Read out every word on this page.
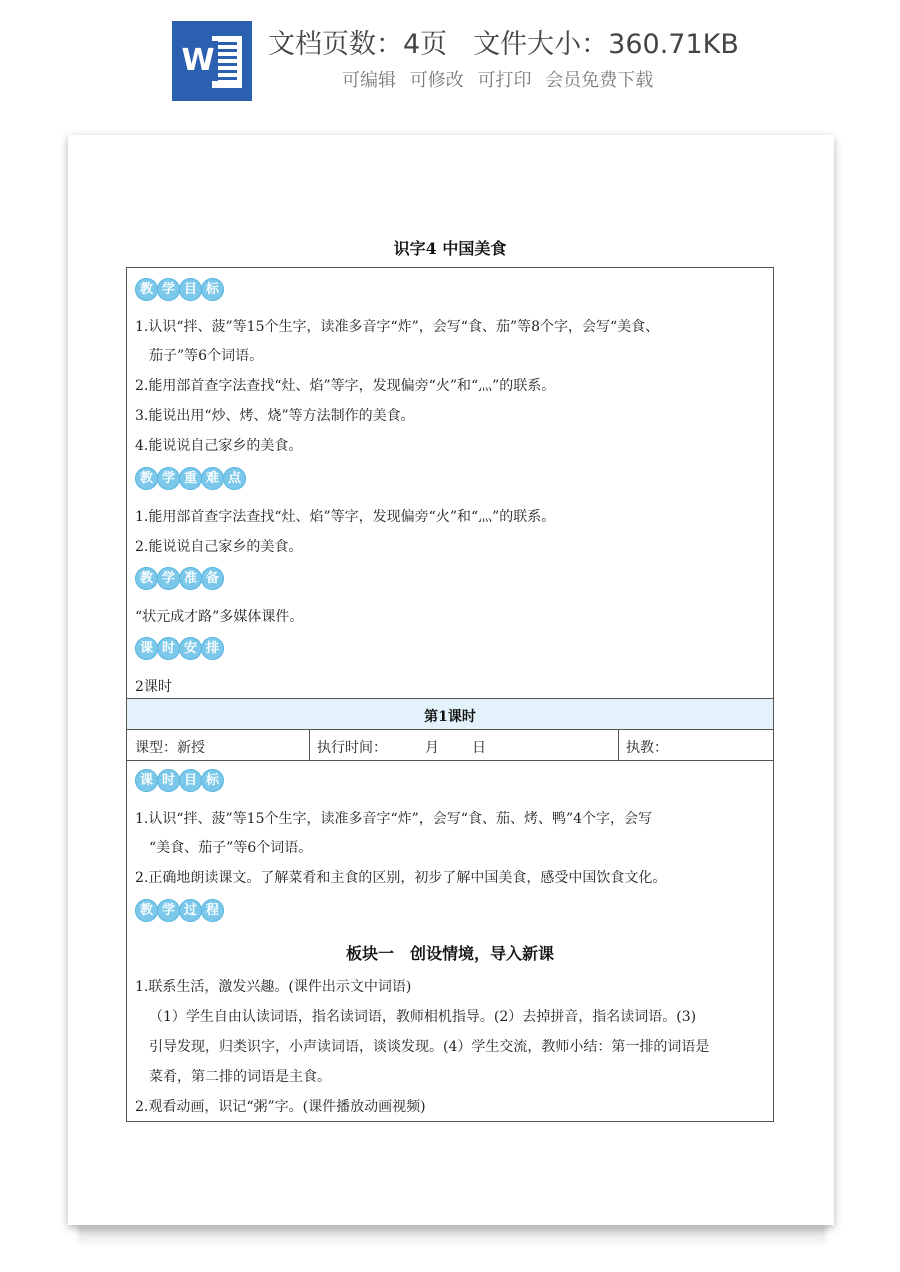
W 文档页数：4页 文件大小：360.71KB
可编辑 可修改 可打印 会员免费下载
识字4 中国美食
教 学 目 标
1.认识“拌、菠”等15个生字，读准多音字“炸”，会写“食、茄”等8个字，会写“美食、
茄子”等6个词语。
2.能用部首查字法查找“灶、焰”等字，发现偏旁“火”和“灬”的联系。
3.能说出用“炒、烤、烧”等方法制作的美食。
4.能说说自己家乡的美食。
教 学 重 难 点
1.能用部首查字法查找“灶、焰”等字，发现偏旁“火”和“灬”的联系。
2.能说说自己家乡的美食。
教 学 准 备
“状元成才路”多媒体课件。
课 时 安 排
2课时
第1课时
课型：新授	执行时间：	月 日	执教：
课 时 目 标
1.认识“拌、菠”等15个生字，读准多音字“炸”，会写“食、茄、烤、鸭”4个字，会写
“美食、茄子”等6个词语。
2.正确地朗读课文。了解菜肴和主食的区别，初步了解中国美食，感受中国饮食文化。
教 学 过 程
板块一　创设情境，导入新课
1.联系生活，激发兴趣。(课件出示文中词语)
（1）学生自由认读词语，指名读词语，教师相机指导。(2）去掉拼音，指名读词语。(3)
引导发现，归类识字，小声读词语，谈谈发现。(4）学生交流，教师小结：第一排的词语是
菜肴，第二排的词语是主食。
2.观看动画，识记“粥”字。(课件播放动画视频)
